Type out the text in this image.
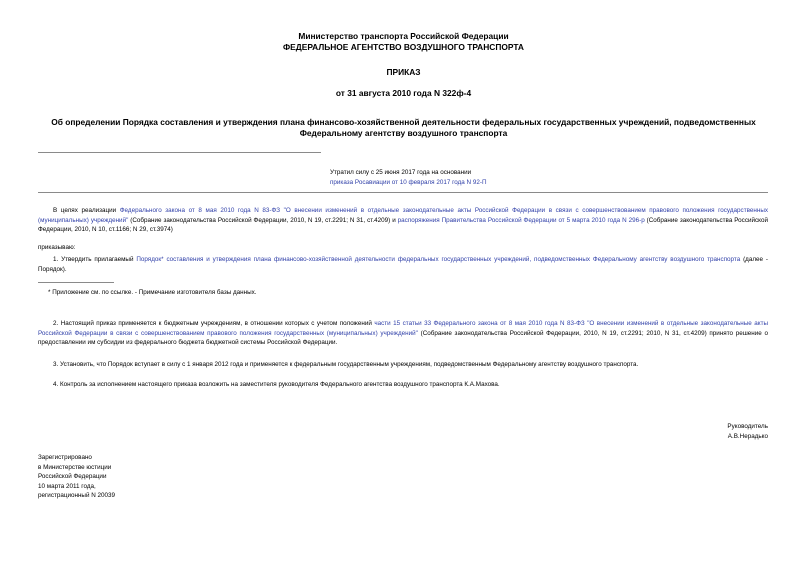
Министерство транспорта Российской Федерации
ФЕДЕРАЛЬНОЕ АГЕНТСТВО ВОЗДУШНОГО ТРАНСПОРТА
ПРИКАЗ
от 31 августа 2010 года N 322ф-4
Об определении Порядка составления и утверждения плана финансово-хозяйственной деятельности федеральных государственных учреждений, подведомственных Федеральному агентству воздушного транспорта
Утратил силу с 25 июня 2017 года на основании
приказа Росавиации от 10 февраля 2017 года N 92-П
В целях реализации Федерального закона от 8 мая 2010 года N 83-ФЗ "О внесении изменений в отдельные законодательные акты Российской Федерации в связи с совершенствованием правового положения государственных (муниципальных) учреждений" (Собрание законодательства Российской Федерации, 2010, N 19, ст.2291; N 31, ст.4209) и распоряжения Правительства Российской Федерации от 5 марта 2010 года N 296-р (Собрание законодательства Российской Федерации, 2010, N 10, ст.1166; N 29, ст.3974)
приказываю:
1. Утвердить прилагаемый Порядок* составления и утверждения плана финансово-хозяйственной деятельности федеральных государственных учреждений, подведомственных Федеральному агентству воздушного транспорта (далее - Порядок).
* Приложение см. по ссылке. - Примечание изготовителя базы данных.
2. Настоящий приказ применяется к бюджетным учреждениям, в отношении которых с учетом положений части 15 статьи 33 Федерального закона от 8 мая 2010 года N 83-ФЗ "О внесении изменений в отдельные законодательные акты Российской Федерации в связи с совершенствованием правового положения государственных (муниципальных) учреждений" (Собрание законодательства Российской Федерации, 2010, N 19, ст.2291; 2010, N 31, ст.4209) принято решение о предоставлении им субсидии из федерального бюджета бюджетной системы Российской Федерации.
3. Установить, что Порядок вступает в силу с 1 января 2012 года и применяется к федеральным государственным учреждениям, подведомственным Федеральному агентству воздушного транспорта.
4. Контроль за исполнением настоящего приказа возложить на заместителя руководителя Федерального агентства воздушного транспорта К.А.Махова.
Руководитель
А.В.Нерадько
Зарегистрировано
в Министерстве юстиции
Российской Федерации
10 марта 2011 года,
регистрационный N 20039
